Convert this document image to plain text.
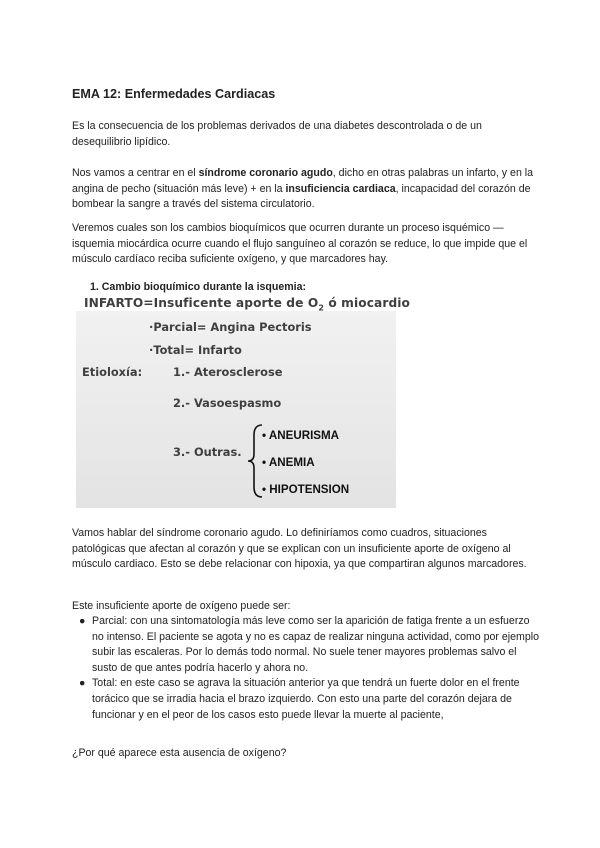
EMA 12: Enfermedades Cardiacas

Es la consecuencia de los problemas derivados de una diabetes descontrolada o de un desequilibrio lipídico.

Nos vamos a centrar en el síndrome coronario agudo, dicho en otras palabras un infarto, y en la angina de pecho (situación más leve) + en la insuficiencia cardiaca, incapacidad del corazón de bombear la sangre a través del sistema circulatorio.

Veremos cuales son los cambios bioquímicos que ocurren durante un proceso isquémico — isquemia miocárdica ocurre cuando el flujo sanguíneo al corazón se reduce, lo que impide que el músculo cardíaco reciba suficiente oxígeno, y que marcadores hay.

1. Cambio bioquímico durante la isquemia:

INFARTO=Insuficente aporte de $O_2$ ó miocardio

·Parcial= Angina Pectoris

·Total= Infarto

Etioloxía:	1.- Aterosclerose

2.- Vasoespasmo

3.- Outras.

• ANEURISMA

• ANEMIA

• HIPOTENSION

Vamos hablar del síndrome coronario agudo. Lo definiríamos como cuadros, situaciones patológicas que afectan al corazón y que se explican con un insuficiente aporte de oxígeno al músculo cardiaco. Esto se debe relacionar con hipoxia, ya que compartiran algunos marcadores.

Este insuficiente aporte de oxígeno puede ser:

● Parcial: con una sintomatología más leve como ser la aparición de fatiga frente a un esfuerzo no intenso. El paciente se agota y no es capaz de realizar ninguna actividad, como por ejemplo subir las escaleras. Por lo demás todo normal. No suele tener mayores problemas salvo el susto de que antes podría hacerlo y ahora no.
● Total: en este caso se agrava la situación anterior ya que tendrá un fuerte dolor en el frente torácico que se irradia hacia el brazo izquierdo. Con esto una parte del corazón dejara de funcionar y en el peor de los casos esto puede llevar la muerte al paciente,

¿Por qué aparece esta ausencia de oxígeno?
